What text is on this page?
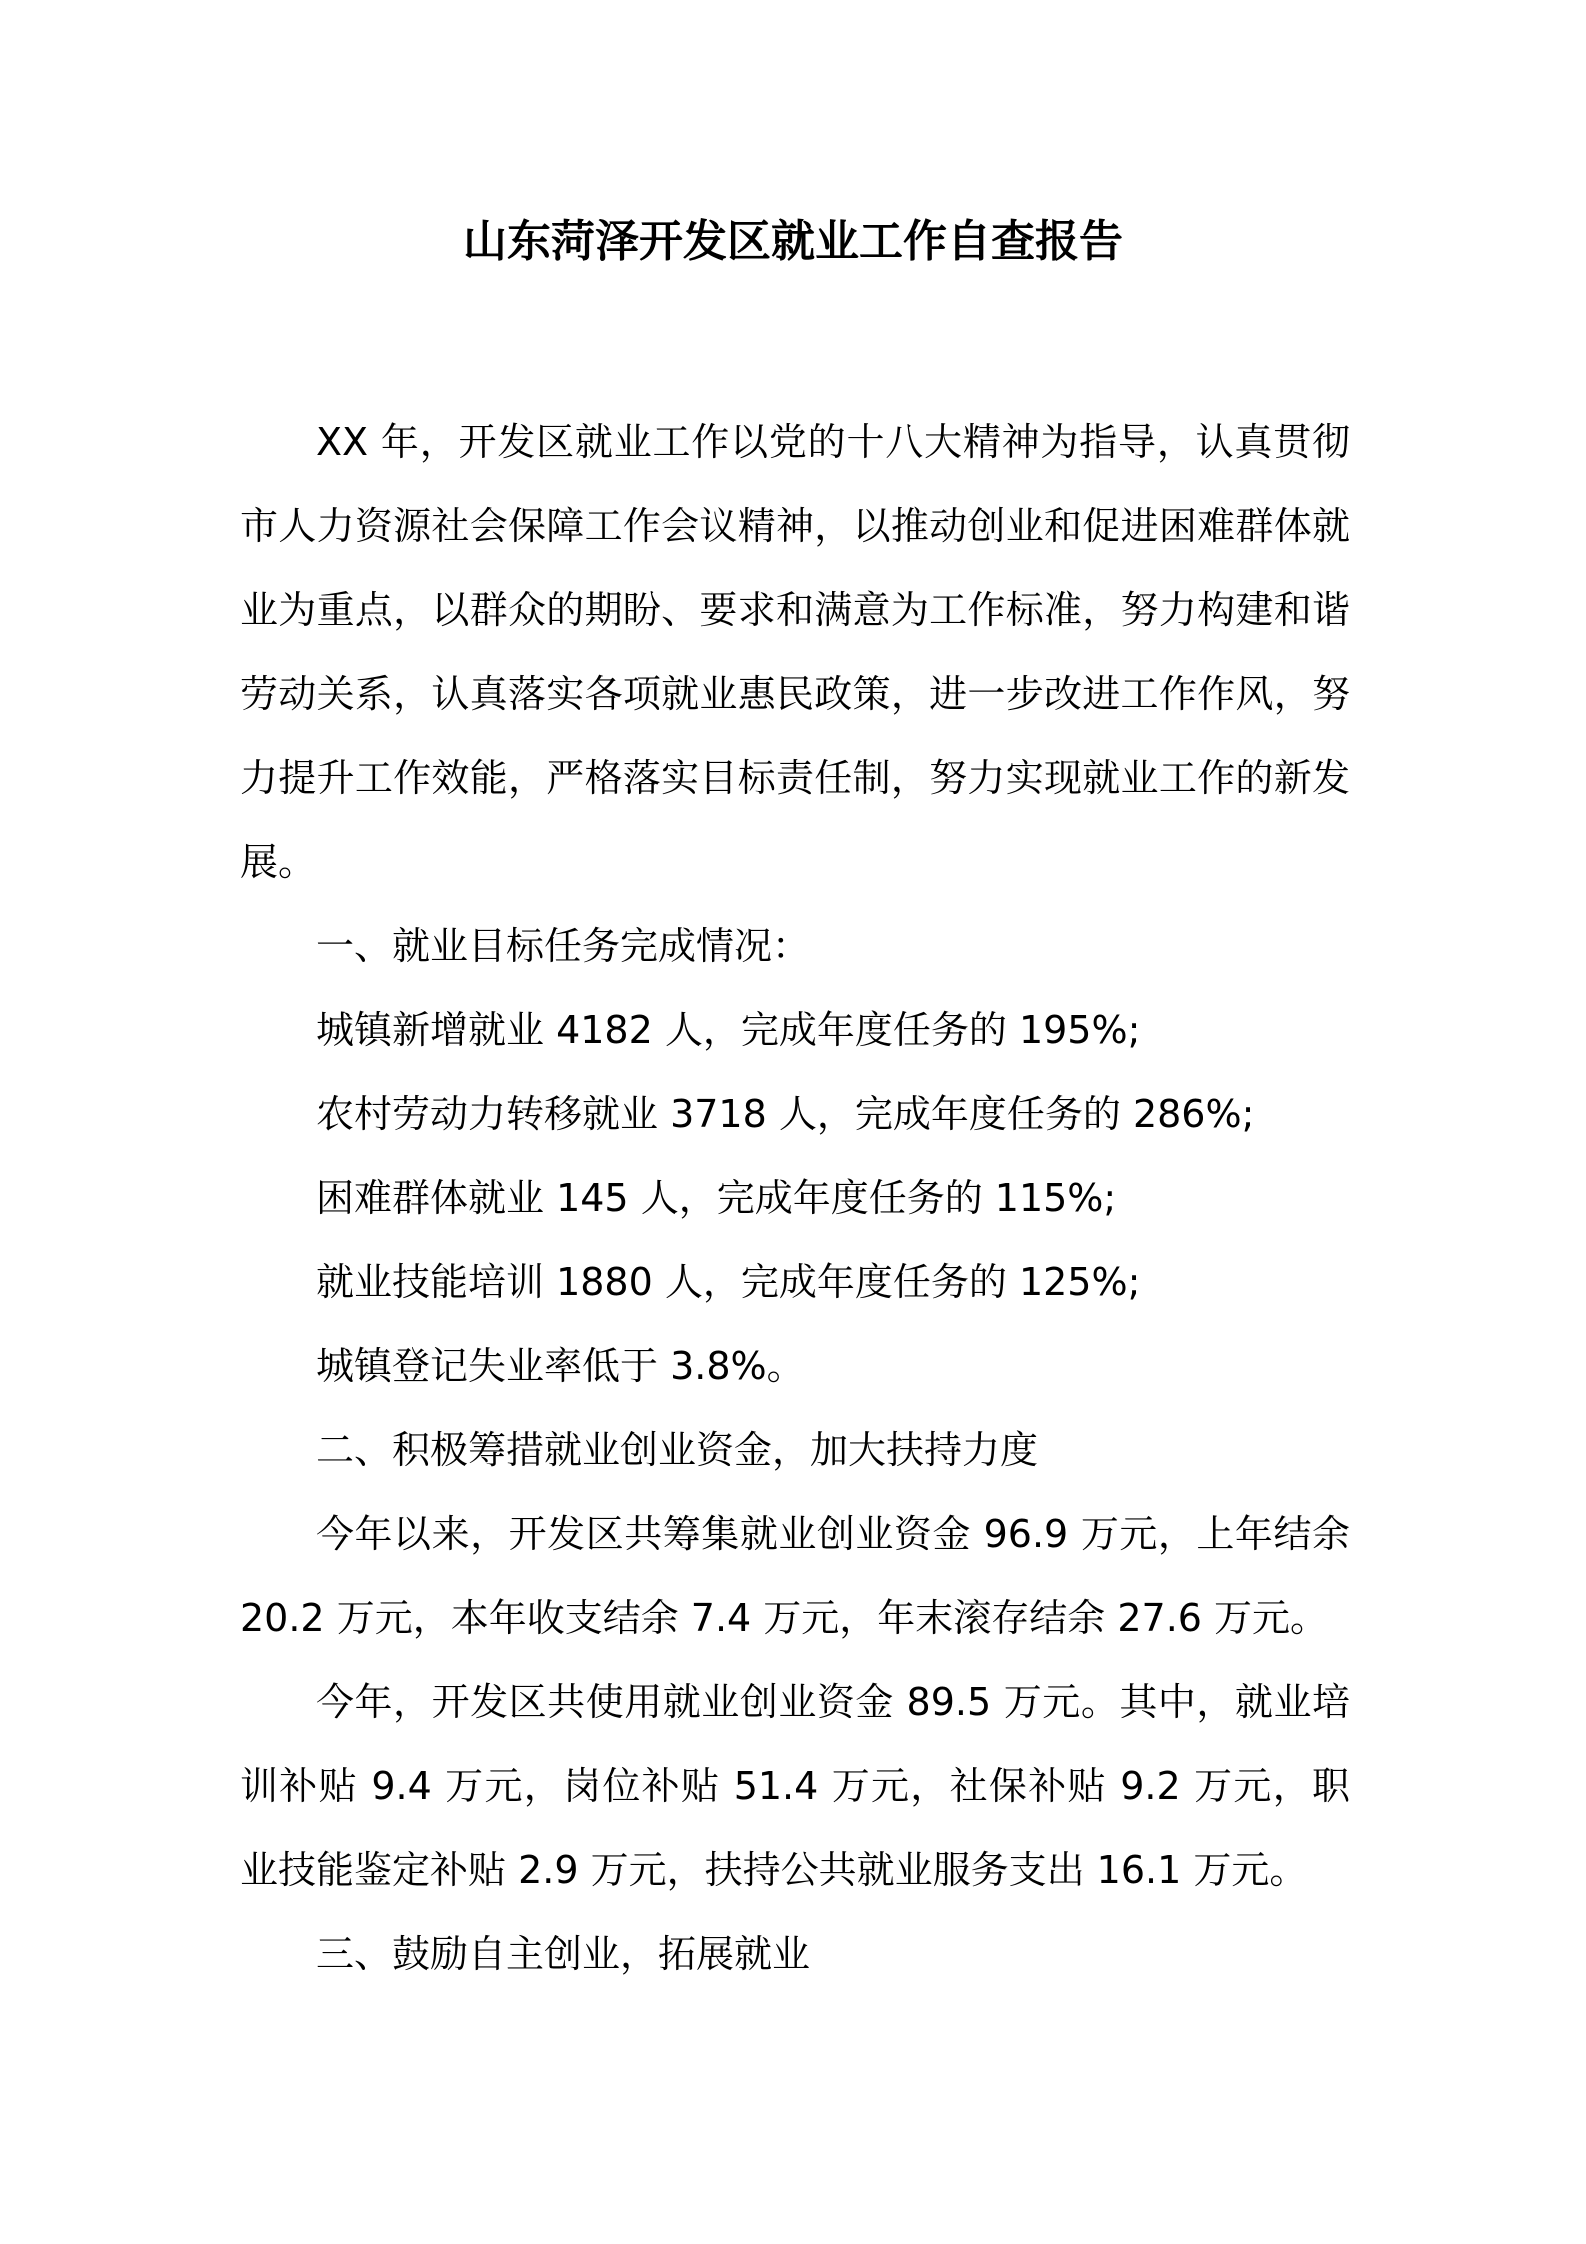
山东菏泽开发区就业工作自查报告

XX 年，开发区就业工作以党的十八大精神为指导，认真贯彻市人力资源社会保障工作会议精神，以推动创业和促进困难群体就业为重点，以群众的期盼、要求和满意为工作标准，努力构建和谐劳动关系，认真落实各项就业惠民政策，进一步改进工作作风，努力提升工作效能，严格落实目标责任制，努力实现就业工作的新发展。

一、就业目标任务完成情况：

城镇新增就业 4182 人，完成年度任务的 195%;

农村劳动力转移就业 3718 人，完成年度任务的 286%;

困难群体就业 145 人，完成年度任务的 115%;

就业技能培训 1880 人，完成年度任务的 125%;

城镇登记失业率低于 3.8%。

二、积极筹措就业创业资金，加大扶持力度

今年以来，开发区共筹集就业创业资金 96.9 万元，上年结余 20.2 万元，本年收支结余 7.4 万元，年末滚存结余 27.6 万元。

今年，开发区共使用就业创业资金 89.5 万元。其中，就业培训补贴 9.4 万元，岗位补贴 51.4 万元，社保补贴 9.2 万元，职业技能鉴定补贴 2.9 万元，扶持公共就业服务支出 16.1 万元。

三、鼓励自主创业，拓展就业
